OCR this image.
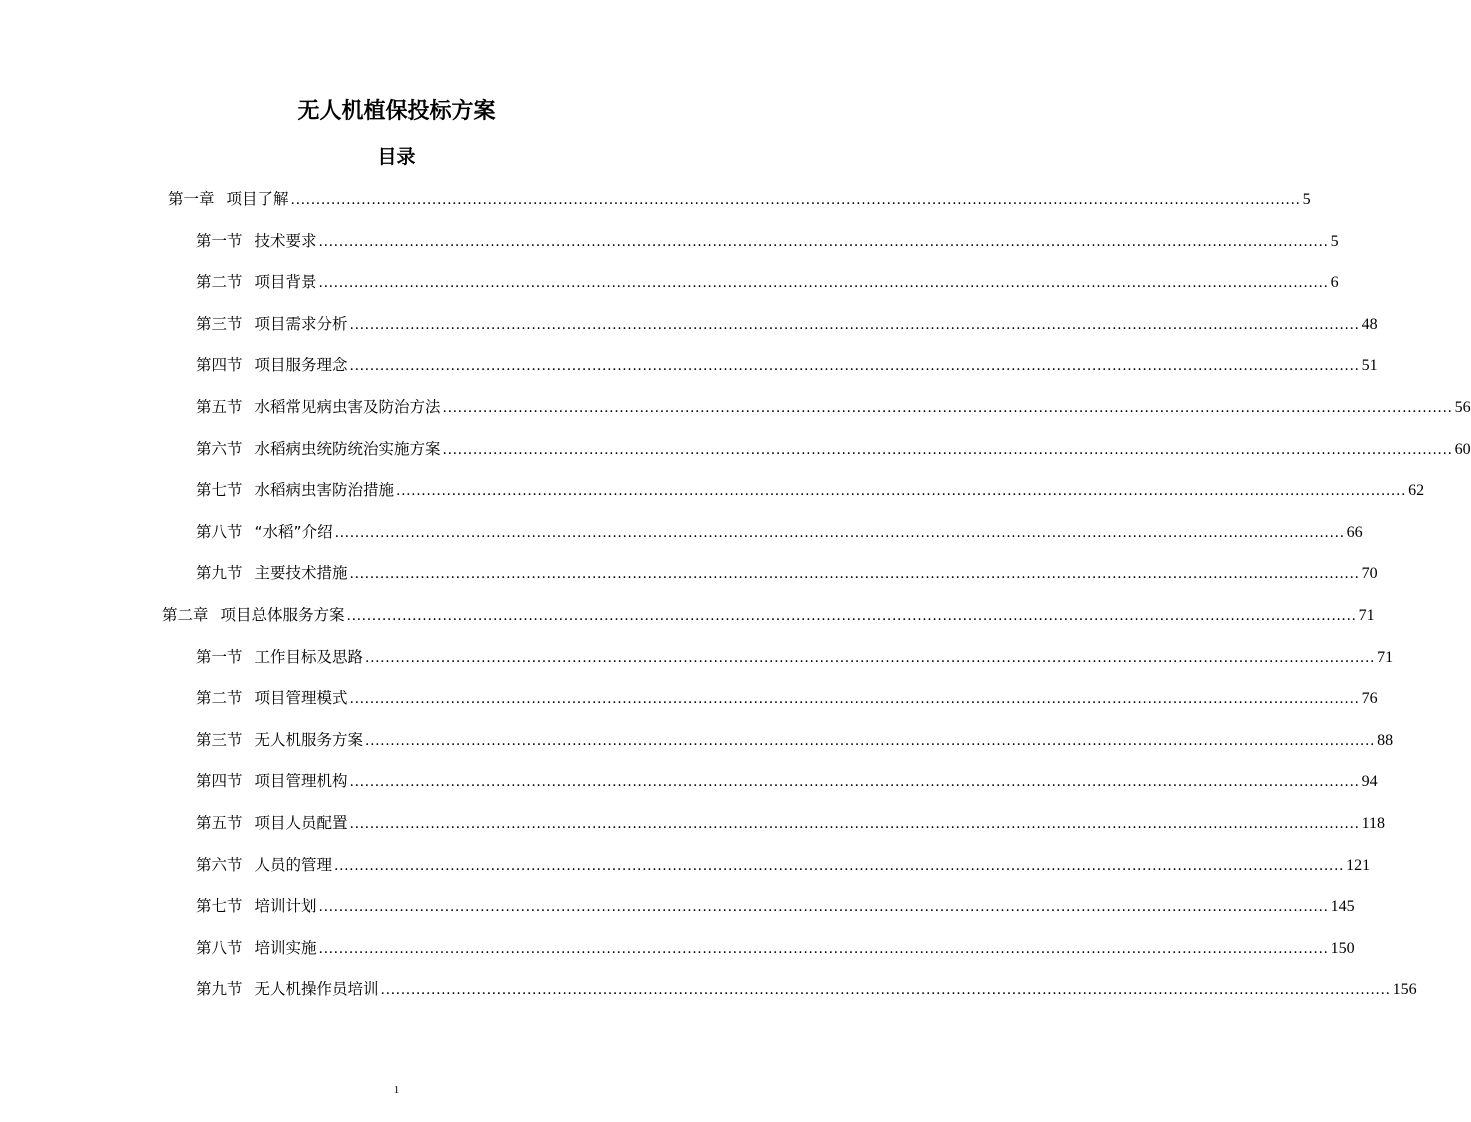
无人机植保投标方案
目录
第一章 项目了解 ........................................................................................................................................................................................................ 5
第一节 技术要求 ........................................................................................................................................................................................................ 5
第二节 项目背景 ........................................................................................................................................................................................................ 6
第三节 项目需求分析 ........................................................................................................................................................................................................ 48
第四节 项目服务理念 ........................................................................................................................................................................................................ 51
第五节 水稻常见病虫害及防治方法 ........................................................................................................................................................................................................ 56
第六节 水稻病虫统防统治实施方案 ........................................................................................................................................................................................................ 60
第七节 水稻病虫害防治措施 ........................................................................................................................................................................................................ 62
第八节 “水稻”介绍 ........................................................................................................................................................................................................ 66
第九节 主要技术措施 ........................................................................................................................................................................................................ 70
第二章 项目总体服务方案 ........................................................................................................................................................................................................ 71
第一节 工作目标及思路 ........................................................................................................................................................................................................ 71
第二节 项目管理模式 ........................................................................................................................................................................................................ 76
第三节 无人机服务方案 ........................................................................................................................................................................................................ 88
第四节 项目管理机构 ........................................................................................................................................................................................................ 94
第五节 项目人员配置 ........................................................................................................................................................................................................ 118
第六节 人员的管理 ........................................................................................................................................................................................................ 121
第七节 培训计划 ........................................................................................................................................................................................................ 145
第八节 培训实施 ........................................................................................................................................................................................................ 150
第九节 无人机操作员培训 ........................................................................................................................................................................................................ 156
1
